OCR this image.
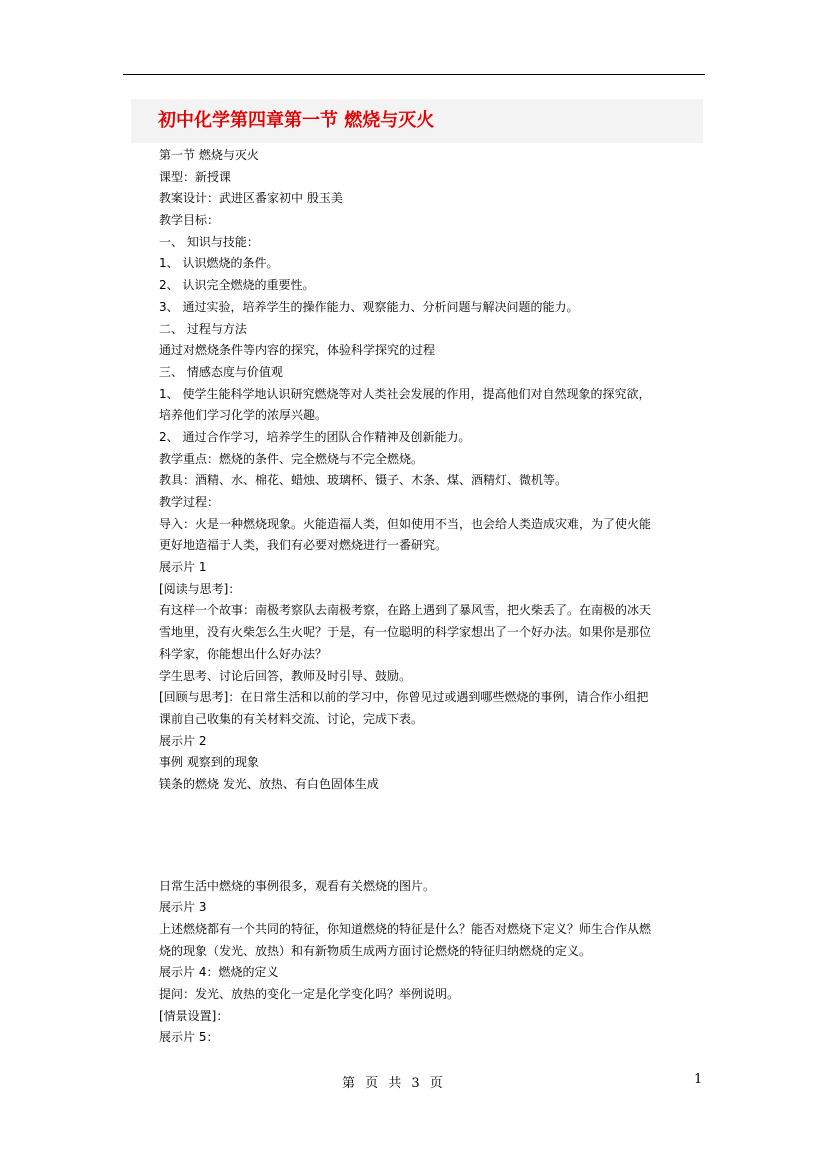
初中化学第四章第一节 燃烧与灭火
第一节 燃烧与灭火
课型：新授课
教案设计：武进区番家初中 殷玉美
教学目标：
一、 知识与技能：
1、 认识燃烧的条件。
2、 认识完全燃烧的重要性。
3、 通过实验，培养学生的操作能力、观察能力、分析问题与解决问题的能力。
二、 过程与方法
通过对燃烧条件等内容的探究，体验科学探究的过程
三、 情感态度与价值观
1、 使学生能科学地认识研究燃烧等对人类社会发展的作用，提高他们对自然现象的探究欲，
培养他们学习化学的浓厚兴趣。
2、 通过合作学习，培养学生的团队合作精神及创新能力。
教学重点：燃烧的条件、完全燃烧与不完全燃烧。
教具：酒精、水、棉花、蜡烛、玻璃杯、镊子、木条、煤、酒精灯、微机等。
教学过程：
导入：火是一种燃烧现象。火能造福人类，但如使用不当，也会给人类造成灾难，为了使火能
更好地造福于人类，我们有必要对燃烧进行一番研究。
展示片 1
[阅读与思考]：
有这样一个故事：南极考察队去南极考察，在路上遇到了暴风雪，把火柴丢了。在南极的冰天
雪地里，没有火柴怎么生火呢？于是，有一位聪明的科学家想出了一个好办法。如果你是那位
科学家，你能想出什么好办法？
学生思考、讨论后回答，教师及时引导、鼓励。
[回顾与思考]：在日常生活和以前的学习中，你曾见过或遇到哪些燃烧的事例，请合作小组把
课前自己收集的有关材料交流、讨论，完成下表。
展示片 2
事例 观察到的现象
镁条的燃烧 发光、放热、有白色固体生成
日常生活中燃烧的事例很多，观看有关燃烧的图片。
展示片 3
上述燃烧都有一个共同的特征，你知道燃烧的特征是什么？能否对燃烧下定义？师生合作从燃
烧的现象（发光、放热）和有新物质生成两方面讨论燃烧的特征归纳燃烧的定义。
展示片 4：燃烧的定义
提问：发光、放热的变化一定是化学变化吗？举例说明。
[情景设置]：
展示片 5：
第 页 共 3 页	1
